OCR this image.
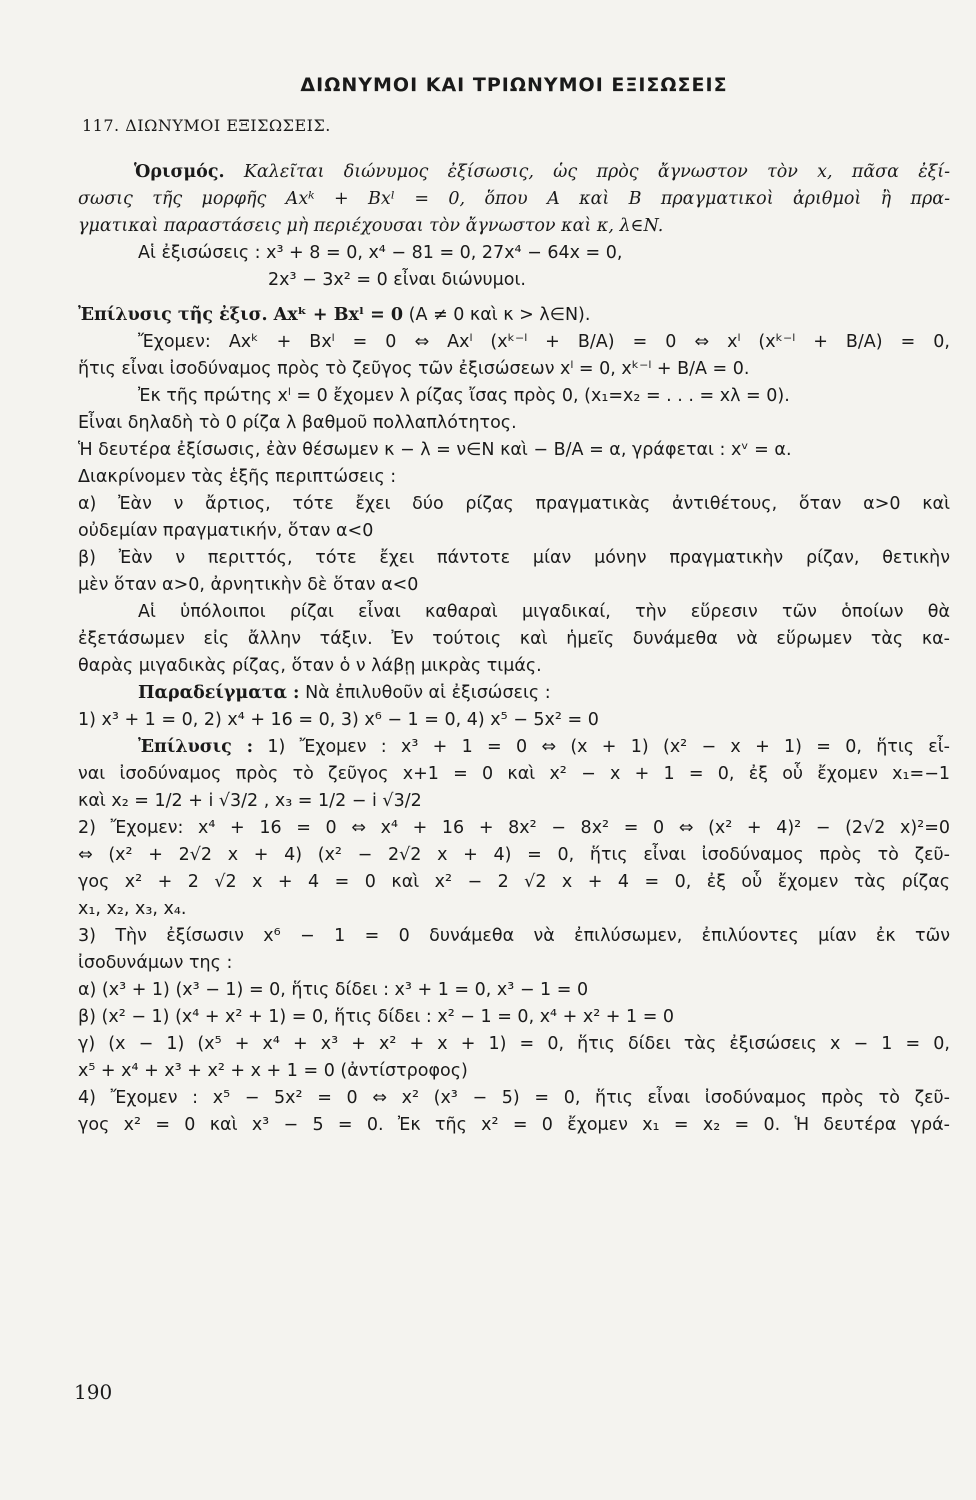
ΔΙΩΝΥΜΟΙ ΚΑΙ ΤΡΙΩΝΥΜΟΙ ΕΞΙΣΩΣΕΙΣ
117. ΔΙΩΝΥΜΟΙ ΕΞΙΣΩΣΕΙΣ.
Ὁρισμός. Καλεῖται διώνυμος ἐξίσωσις, ὡς πρὸς ἄγνωστον τὸν x, πᾶσα ἐξί-
σωσις τῆς μορφῆς Axᵏ + Bxˡ = 0, ὅπου A καὶ B πραγματικοὶ ἀριθμοὶ ἢ πρα-
γματικαὶ παραστάσεις μὴ περιέχουσαι τὸν ἄγνωστον καὶ κ, λ∈N.
Αἱ ἐξισώσεις : x³ + 8 = 0, x⁴ − 81 = 0, 27x⁴ − 64x = 0,
2x³ − 3x² = 0 εἶναι διώνυμοι.
Ἐπίλυσις τῆς ἐξισ. Axᵏ + Bxˡ = 0 (A ≠ 0 καὶ κ > λ∈N).
Ἔχομεν: Axᵏ + Bxˡ = 0 ⇔ Axˡ (xᵏ⁻ˡ + B/A) = 0 ⇔ xˡ (xᵏ⁻ˡ + B/A) = 0,
ἥτις εἶναι ἰσοδύναμος πρὸς τὸ ζεῦγος τῶν ἐξισώσεων xˡ = 0, xᵏ⁻ˡ + B/A = 0.
Ἐκ τῆς πρώτης xˡ = 0 ἔχομεν λ ρίζας ἴσας πρὸς 0, (x₁=x₂ = . . . = xλ = 0).
Εἶναι δηλαδὴ τὸ 0 ρίζα λ βαθμοῦ πολλαπλότητος.
Ἡ δευτέρα ἐξίσωσις, ἐὰν θέσωμεν κ − λ = ν∈N καὶ − B/A = α, γράφεται : xᵛ = α.
Διακρίνομεν τὰς ἑξῆς περιπτώσεις :
α) Ἐὰν ν ἄρτιος, τότε ἔχει δύο ρίζας πραγματικὰς ἀντιθέτους, ὅταν α>0 καὶ
οὐδεμίαν πραγματικήν, ὅταν α<0
β) Ἐὰν ν περιττός, τότε ἔχει πάντοτε μίαν μόνην πραγματικὴν ρίζαν, θετικὴν
μὲν ὅταν α>0, ἀρνητικὴν δὲ ὅταν α<0
Αἱ ὑπόλοιποι ρίζαι εἶναι καθαραὶ μιγαδικαί, τὴν εὕρεσιν τῶν ὁποίων θὰ
ἐξετάσωμεν εἰς ἄλλην τάξιν. Ἐν τούτοις καὶ ἡμεῖς δυνάμεθα νὰ εὕρωμεν τὰς κα-
θαρὰς μιγαδικὰς ρίζας, ὅταν ὁ ν λάβῃ μικρὰς τιμάς.
Παραδείγματα : Νὰ ἐπιλυθοῦν αἱ ἐξισώσεις :
1) x³ + 1 = 0, 2) x⁴ + 16 = 0, 3) x⁶ − 1 = 0, 4) x⁵ − 5x² = 0
Ἐπίλυσις : 1) Ἔχομεν : x³ + 1 = 0 ⇔ (x + 1) (x² − x + 1) = 0, ἥτις εἶ-
ναι ἰσοδύναμος πρὸς τὸ ζεῦγος x+1 = 0 καὶ x² − x + 1 = 0, ἐξ οὗ ἔχομεν x₁=−1
καὶ x₂ = 1/2 + i √3/2 , x₃ = 1/2 − i √3/2
2) Ἔχομεν: x⁴ + 16 = 0 ⇔ x⁴ + 16 + 8x² − 8x² = 0 ⇔ (x² + 4)² − (2√2 x)²=0
⇔ (x² + 2√2 x + 4) (x² − 2√2 x + 4) = 0, ἥτις εἶναι ἰσοδύναμος πρὸς τὸ ζεῦ-
γος x² + 2 √2 x + 4 = 0 καὶ x² − 2 √2 x + 4 = 0, ἐξ οὗ ἔχομεν τὰς ρίζας
x₁, x₂, x₃, x₄.
3) Τὴν ἐξίσωσιν x⁶ − 1 = 0 δυνάμεθα νὰ ἐπιλύσωμεν, ἐπιλύοντες μίαν ἐκ τῶν
ἰσοδυνάμων της :
α) (x³ + 1) (x³ − 1) = 0, ἥτις δίδει : x³ + 1 = 0, x³ − 1 = 0
β) (x² − 1) (x⁴ + x² + 1) = 0, ἥτις δίδει : x² − 1 = 0, x⁴ + x² + 1 = 0
γ) (x − 1) (x⁵ + x⁴ + x³ + x² + x + 1) = 0, ἥτις δίδει τὰς ἐξισώσεις x − 1 = 0,
x⁵ + x⁴ + x³ + x² + x + 1 = 0 (ἀντίστροφος)
4) Ἔχομεν : x⁵ − 5x² = 0 ⇔ x² (x³ − 5) = 0, ἥτις εἶναι ἰσοδύναμος πρὸς τὸ ζεῦ-
γος x² = 0 καὶ x³ − 5 = 0. Ἐκ τῆς x² = 0 ἔχομεν x₁ = x₂ = 0. Ἡ δευτέρα γρά-
190
